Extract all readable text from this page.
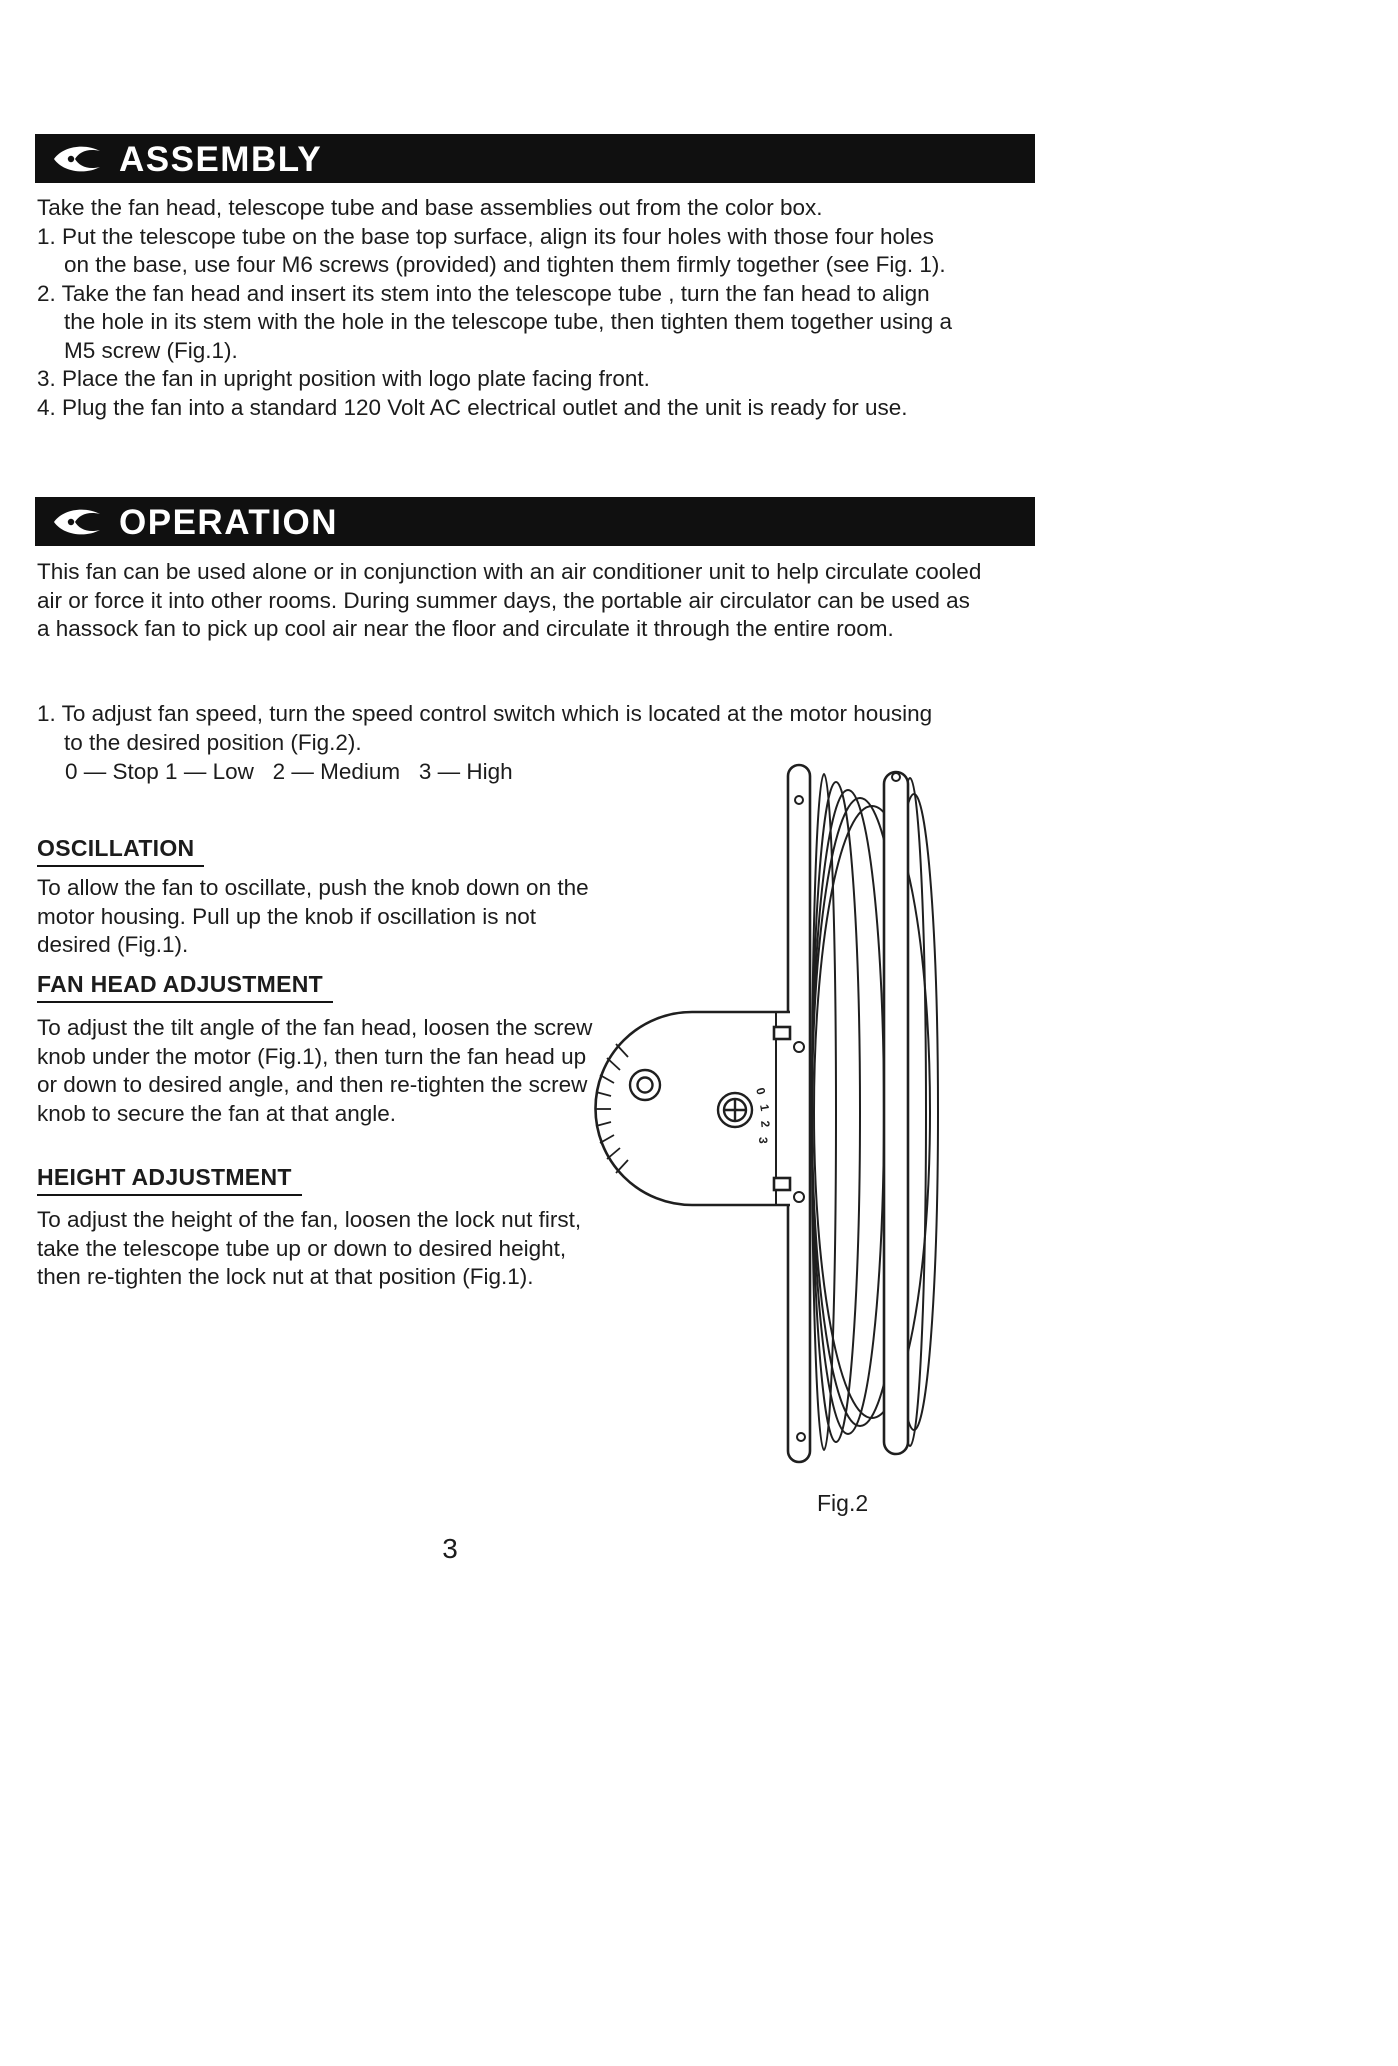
ASSEMBLY
Take the fan head, telescope tube and base assemblies out from the color box.
1. Put the telescope tube on the base top surface, align its four holes with those four holes on the base, use four M6 screws (provided) and tighten them firmly together (see Fig. 1).
2. Take the fan head and insert its stem into the telescope tube , turn the fan head to align the hole in its stem with the hole in the telescope tube, then tighten them together using a M5 screw (Fig.1).
3. Place the fan in upright position with logo plate facing front.
4. Plug the fan into a standard 120 Volt AC electrical outlet and the unit is ready for use.
OPERATION
This fan can be used alone or in conjunction with an air conditioner unit to help circulate cooled air or force it into other rooms. During summer days, the portable air circulator can be used as a hassock fan to pick up cool air near the floor and circulate it through the entire room.
1. To adjust fan speed, turn the speed control switch which is located at the motor housing to the desired position (Fig.2).
0 — Stop 1 — Low   2 — Medium   3 — High
OSCILLATION
To allow the fan to oscillate, push the knob down on the motor housing. Pull up the knob if oscillation is not desired (Fig.1).
FAN HEAD ADJUSTMENT
To adjust the tilt angle of the fan head, loosen the screw knob under the motor (Fig.1), then turn the fan head up or down to desired angle, and then re-tighten the screw knob to secure the fan at that angle.
HEIGHT ADJUSTMENT
To adjust the height of the fan, loosen the lock nut first, take the telescope tube up or down to desired height, then re-tighten the lock nut at that position (Fig.1).
0
1
2
3
Fig.2
3
